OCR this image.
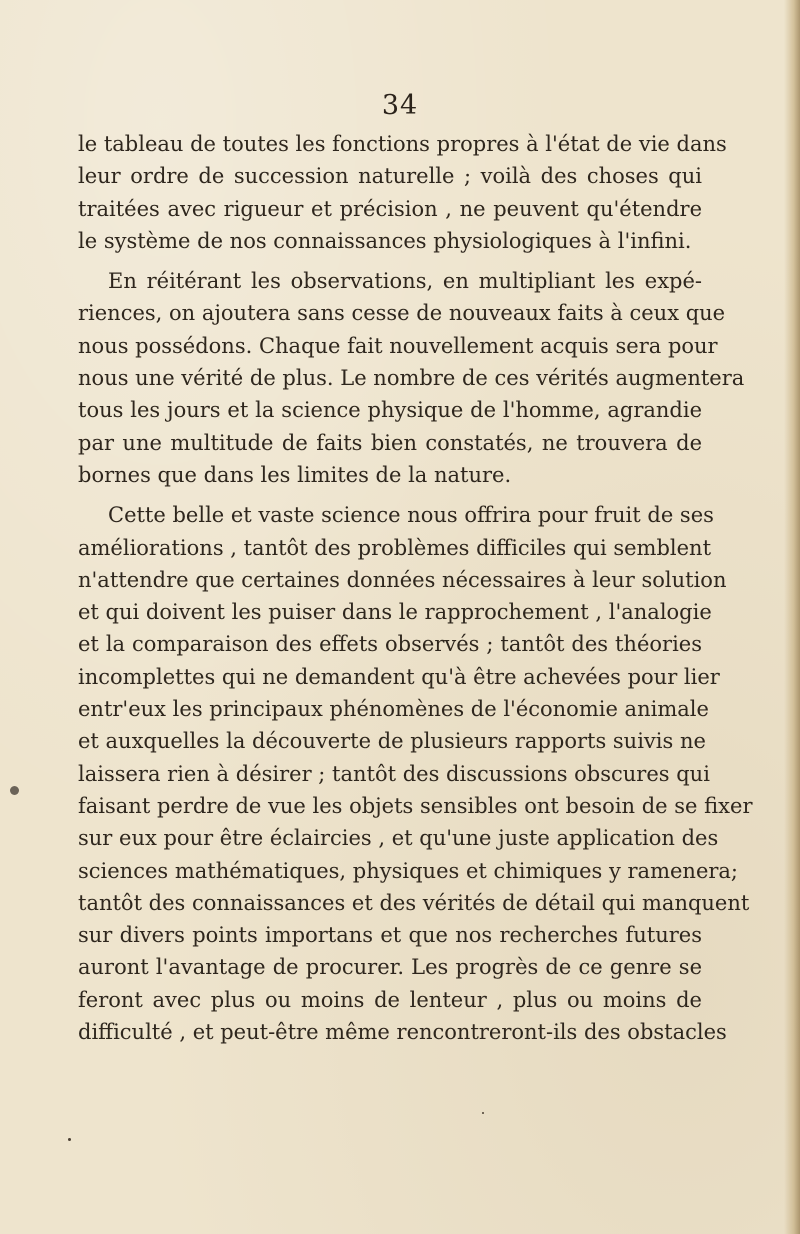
34
le tableau de toutes les fonctions propres à l'état de vie dans
leur ordre de succession naturelle ; voilà des choses qui
traitées avec rigueur et précision , ne peuvent qu'étendre
le système de nos connaissances physiologiques à l'infini.
En réitérant les observations, en multipliant les expé-
riences, on ajoutera sans cesse de nouveaux faits à ceux que
nous possédons. Chaque fait nouvellement acquis sera pour
nous une vérité de plus. Le nombre de ces vérités augmentera
tous les jours et la science physique de l'homme, agrandie
par une multitude de faits bien constatés, ne trouvera de
bornes que dans les limites de la nature.
Cette belle et vaste science nous offrira pour fruit de ses
améliorations , tantôt des problèmes difficiles qui semblent
n'attendre que certaines données nécessaires à leur solution
et qui doivent les puiser dans le rapprochement , l'analogie
et la comparaison des effets observés ; tantôt des théories
incomplettes qui ne demandent qu'à être achevées pour lier
entr'eux les principaux phénomènes de l'économie animale
et auxquelles la découverte de plusieurs rapports suivis ne
laissera rien à désirer ; tantôt des discussions obscures qui
faisant perdre de vue les objets sensibles ont besoin de se fixer
sur eux pour être éclaircies , et qu'une juste application des
sciences mathématiques, physiques et chimiques y ramenera;
tantôt des connaissances et des vérités de détail qui manquent
sur divers points importans et que nos recherches futures
auront l'avantage de procurer. Les progrès de ce genre se
feront avec plus ou moins de lenteur , plus ou moins de
difficulté , et peut-être même rencontreront-ils des obstacles
